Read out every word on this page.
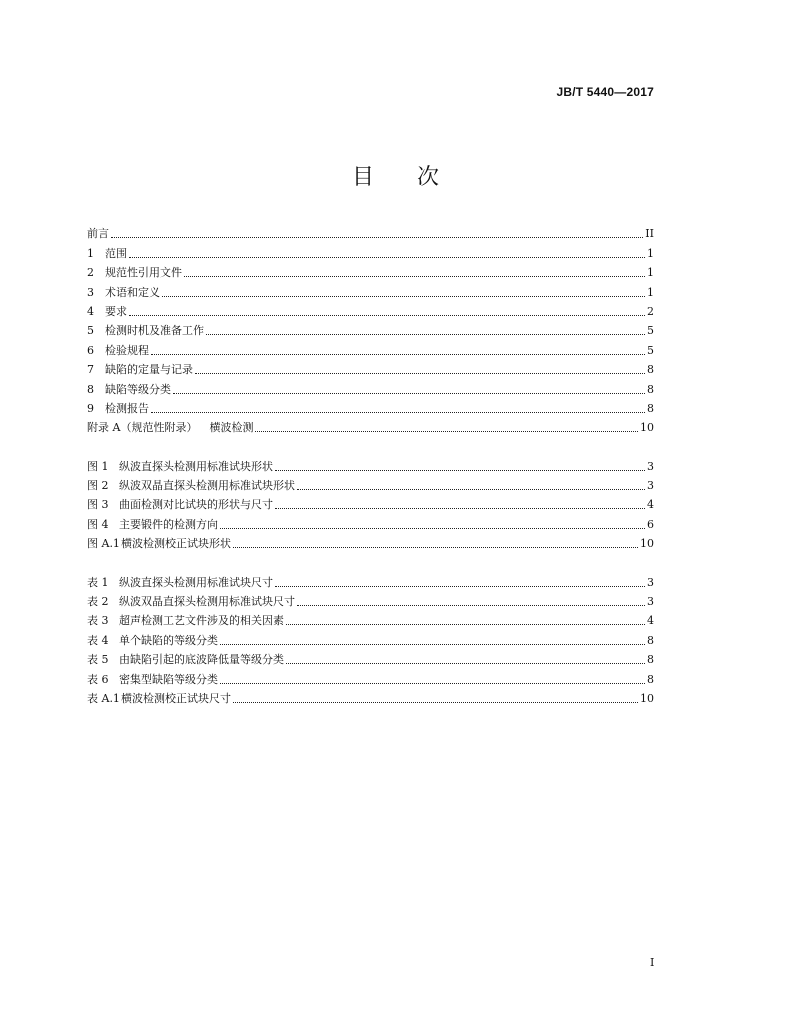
JB/T 5440—2017
目 次
前言	II
1 范围	1
2 规范性引用文件	1
3 术语和定义	1
4 要求	2
5 检测时机及准备工作	5
6 检验规程	5
7 缺陷的定量与记录	8
8 缺陷等级分类	8
9 检测报告	8
附录 A（规范性附录） 横波检测	10
图 1 纵波直探头检测用标准试块形状	3
图 2 纵波双晶直探头检测用标准试块形状	3
图 3 曲面检测对比试块的形状与尺寸	4
图 4 主要锻件的检测方向	6
图 A.1横波检测校正试块形状	10
表 1 纵波直探头检测用标准试块尺寸	3
表 2 纵波双晶直探头检测用标准试块尺寸	3
表 3 超声检测工艺文件涉及的相关因素	4
表 4 单个缺陷的等级分类	8
表 5 由缺陷引起的底波降低量等级分类	8
表 6 密集型缺陷等级分类	8
表 A.1横波检测校正试块尺寸	10
I
